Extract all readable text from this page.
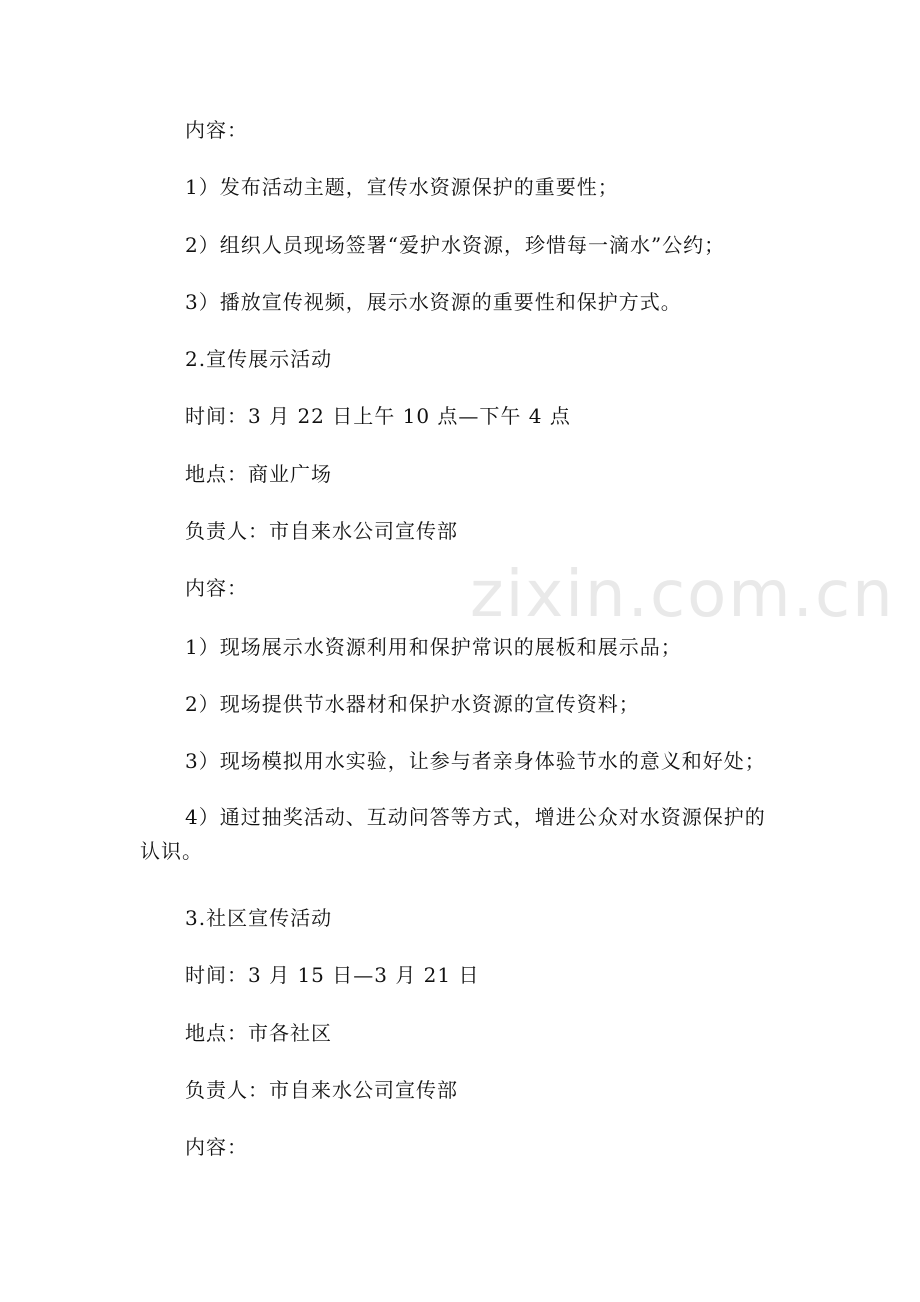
zixin.com.cn
内容：
1）发布活动主题，宣传水资源保护的重要性；
2）组织人员现场签署“爱护水资源，珍惜每一滴水”公约；
3）播放宣传视频，展示水资源的重要性和保护方式。
2.宣传展示活动
时间：3 月 22 日上午 10 点—下午 4 点
地点：商业广场
负责人：市自来水公司宣传部
内容：
1）现场展示水资源利用和保护常识的展板和展示品；
2）现场提供节水器材和保护水资源的宣传资料；
3）现场模拟用水实验，让参与者亲身体验节水的意义和好处；
4）通过抽奖活动、互动问答等方式，增进公众对水资源保护的认识。
3.社区宣传活动
时间：3 月 15 日—3 月 21 日
地点：市各社区
负责人：市自来水公司宣传部
内容：
